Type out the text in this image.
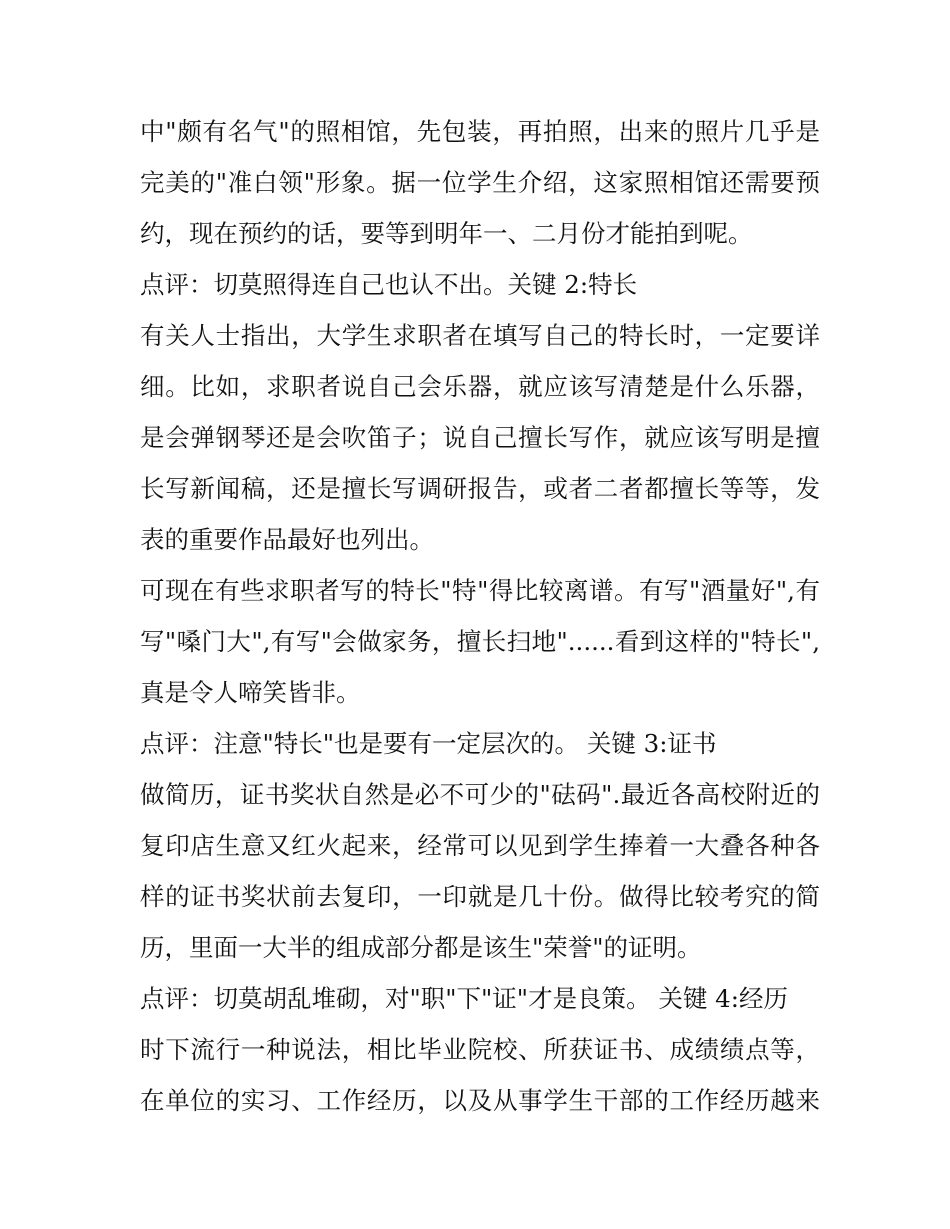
中"颇有名气"的照相馆，先包装，再拍照，出来的照片几乎是
完美的"准白领"形象。据一位学生介绍，这家照相馆还需要预
约，现在预约的话，要等到明年一、二月份才能拍到呢。
点评：切莫照得连自己也认不出。关键 2:特长
有关人士指出，大学生求职者在填写自己的特长时，一定要详
细。比如，求职者说自己会乐器，就应该写清楚是什么乐器，
是会弹钢琴还是会吹笛子；说自己擅长写作，就应该写明是擅
长写新闻稿，还是擅长写调研报告，或者二者都擅长等等，发
表的重要作品最好也列出。
可现在有些求职者写的特长"特"得比较离谱。有写"酒量好",有
写"嗓门大",有写"会做家务，擅长扫地"......看到这样的"特长",
真是令人啼笑皆非。
点评：注意"特长"也是要有一定层次的。 关键 3:证书
做简历，证书奖状自然是必不可少的"砝码".最近各高校附近的
复印店生意又红火起来，经常可以见到学生捧着一大叠各种各
样的证书奖状前去复印，一印就是几十份。做得比较考究的简
历，里面一大半的组成部分都是该生"荣誉"的证明。
点评：切莫胡乱堆砌，对"职"下"证"才是良策。 关键 4:经历
时下流行一种说法，相比毕业院校、所获证书、成绩绩点等，
在单位的实习、工作经历，以及从事学生干部的工作经历越来
